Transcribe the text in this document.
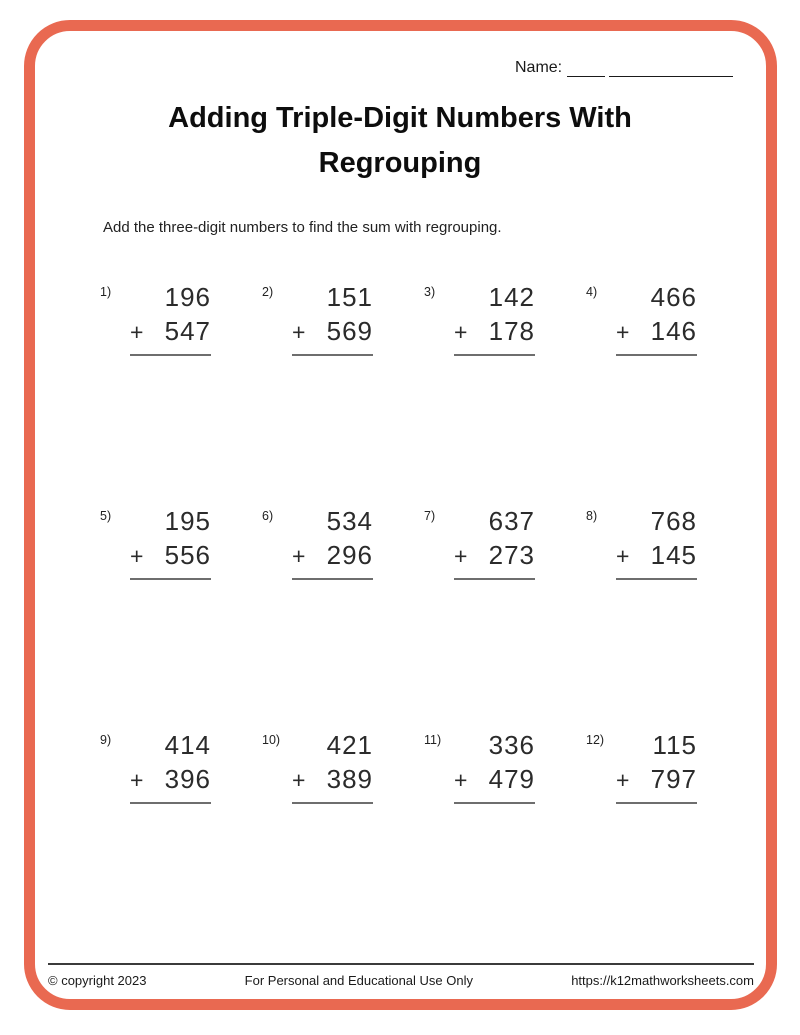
Name:
Adding Triple-Digit Numbers With
Regrouping
Add the three-digit numbers to find the sum with regrouping.
1)	196
+ 547
2)	151
+ 569
3)	142
+ 178
4)	466
+ 146
5)	195
+ 556
6)	534
+ 296
7)	637
+ 273
8)	768
+ 145
9)	414
+ 396
10)	421
+ 389
11)	336
+ 479
12)	115
+ 797
© copyright 2023	For Personal and Educational Use Only	https://k12mathworksheets.com
